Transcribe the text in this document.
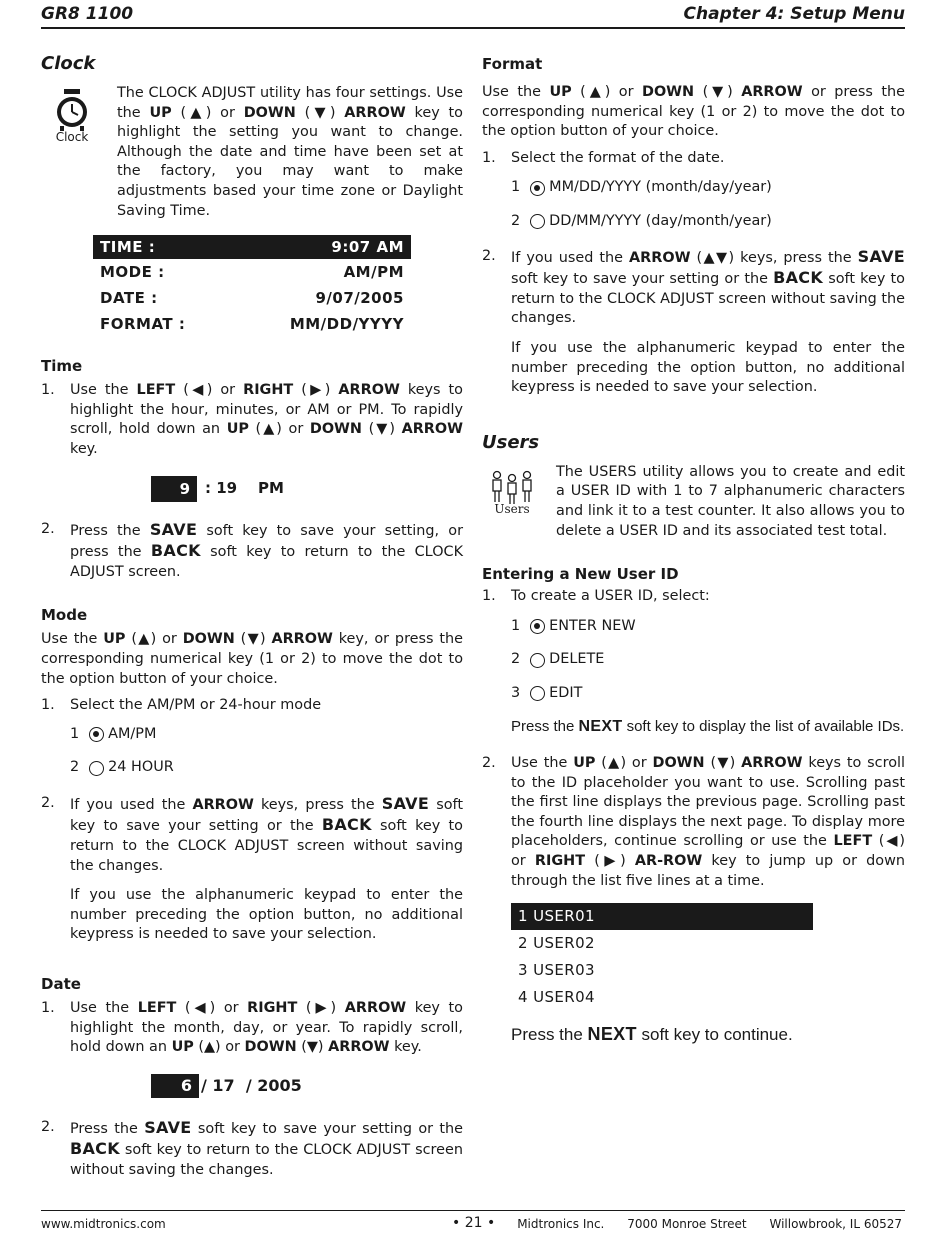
GR8 1100	Chapter 4: Setup Menu
Clock
Clock

The CLOCK ADJUST utility has four settings. Use the UP (▲) or DOWN (▼) ARROW key to highlight the setting you want to change. Although the date and time have been set at the factory, you may want to make adjustments based your time zone or Daylight Saving Time.

TIME :	9:07 AM
MODE :	AM/PM
DATE :	9/07/2005
FORMAT :	MM/DD/YYYY
Time
1. Use the LEFT (◀) or RIGHT (▶) ARROW keys to highlight the hour, minutes, or AM or PM. To rapidly scroll, hold down an UP (▲) or DOWN (▼) ARROW key.
9	: 19    PM
2. Press the SAVE soft key to save your setting, or press the BACK soft key to return to the CLOCK ADJUST screen.
Mode

Use the UP (▲) or DOWN (▼) ARROW key, or press the corresponding numerical key (1 or 2) to move the dot to the option button of your choice.

1. Select the AM/PM or 24-hour mode
1 AM/PM
2 24 HOUR
2. If you used the ARROW keys, press the SAVE soft key to save your setting or the BACK soft key to return to the CLOCK ADJUST screen without saving the changes.

If you use the alphanumeric keypad to enter the number preceding the option button, no additional keypress is needed to save your selection.

Date
1. Use the LEFT (◀) or RIGHT (▶) ARROW key to highlight the month, day, or year. To rapidly scroll, hold down an UP (▲) or DOWN (▼) ARROW key.
6 / 17  / 2005
2. Press the SAVE soft key to save your setting or the BACK soft key to return to the CLOCK ADJUST screen without saving the changes.
Format

Use the UP (▲) or DOWN (▼) ARROW or press the corresponding numerical key (1 or 2) to move the dot to the option button of your choice.

1. Select the format of the date.
1 MM/DD/YYYY (month/day/year)
2 DD/MM/YYYY (day/month/year)
2. If you used the ARROW (▲▼) keys, press the SAVE soft key to save your setting or the BACK soft key to return to the CLOCK ADJUST screen without saving the changes.

If you use the alphanumeric keypad to enter the number preceding the option button, no additional keypress is needed to save your selection.

Users
Users

The USERS utility allows you to create and edit a USER ID with 1 to 7 alphanumeric characters and link it to a test counter. It also allows you to delete a USER ID and its associated test total.

Entering a New User ID
1. To create a USER ID, select:
1 ENTER NEW
2 DELETE
3 EDIT

Press the NEXT soft key to display the list of available IDs.

2. Use the UP (▲) or DOWN (▼) ARROW keys to scroll to the ID placeholder you want to use. Scrolling past the first line displays the previous page. Scrolling past the fourth line displays the next page. To display more placeholders, continue scrolling or use the LEFT (◀) or RIGHT (▶) AR-ROW key to jump up or down through the list five lines at a time.
1 USER01
2 USER02
3 USER03
4 USER04

Press the NEXT soft key to continue.

www.midtronics.com	• 21 • Midtronics Inc.      7000 Monroe Street      Willowbrook, IL 60527
